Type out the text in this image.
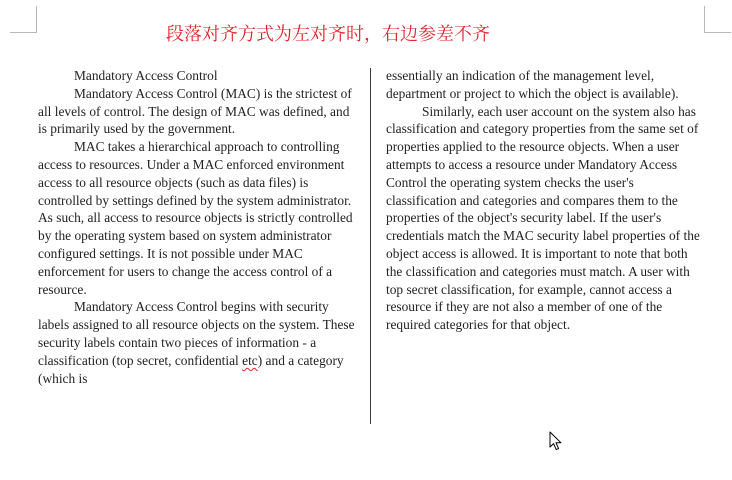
段落对齐方式为左对齐时，右边参差不齐

Mandatory Access Control

Mandatory Access Control (MAC) is the strictest of all levels of control. The design of MAC was defined, and is primarily used by the government.

MAC takes a hierarchical approach to controlling access to resources. Under a MAC enforced environment access to all resource objects (such as data files) is controlled by settings defined by the system administrator. As such, all access to resource objects is strictly controlled by the operating system based on system administrator configured settings. It is not possible under MAC enforcement for users to change the access control of a resource.

Mandatory Access Control begins with security labels assigned to all resource objects on the system. These security labels contain two pieces of information - a classification (top secret, confidential etc) and a category (which is

essentially an indication of the management level, department or project to which the object is available).

Similarly, each user account on the system also has classification and category properties from the same set of properties applied to the resource objects. When a user attempts to access a resource under Mandatory Access Control the operating system checks the user's classification and categories and compares them to the properties of the object's security label. If the user's credentials match the MAC security label properties of the object access is allowed. It is important to note that both the classification and categories must match. A user with top secret classification, for example, cannot access a resource if they are not also a member of one of the required categories for that object.
